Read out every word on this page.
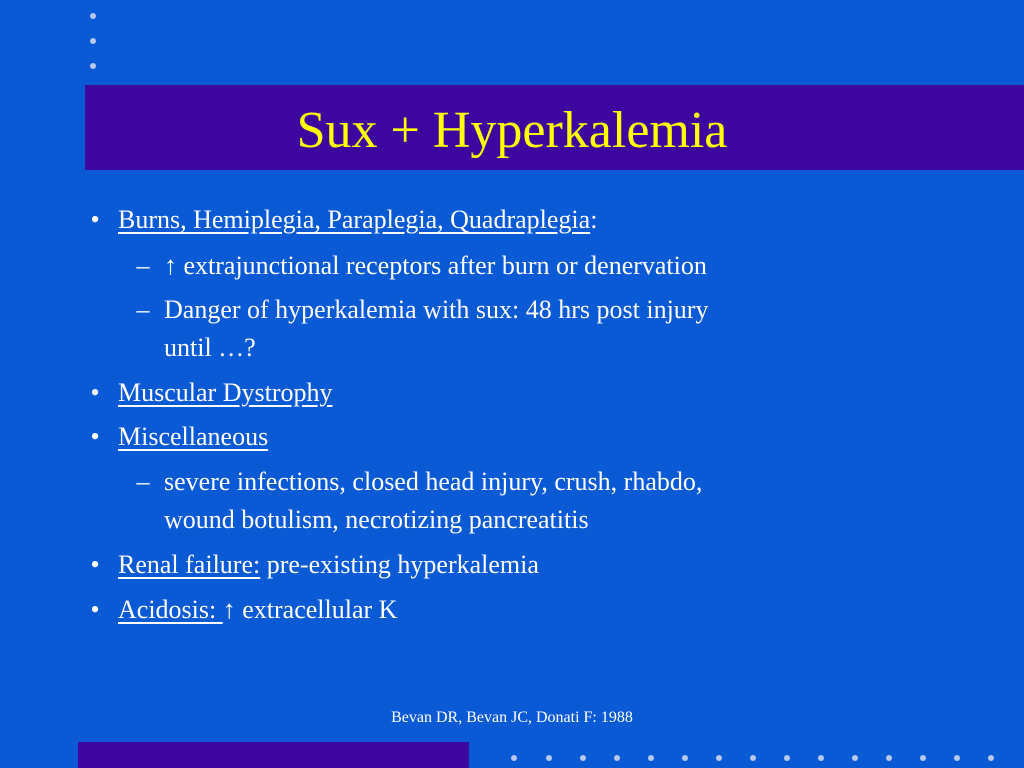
Sux + Hyperkalemia
• Burns, Hemiplegia, Paraplegia, Quadraplegia:
– ↑ extrajunctional receptors after burn or denervation
– Danger of hyperkalemia with sux: 48 hrs post injury
until …?
• Muscular Dystrophy
• Miscellaneous
– severe infections, closed head injury, crush, rhabdo,
wound botulism, necrotizing pancreatitis
• Renal failure: pre-existing hyperkalemia
• Acidosis: ↑ extracellular K
Bevan DR, Bevan JC, Donati F: 1988
